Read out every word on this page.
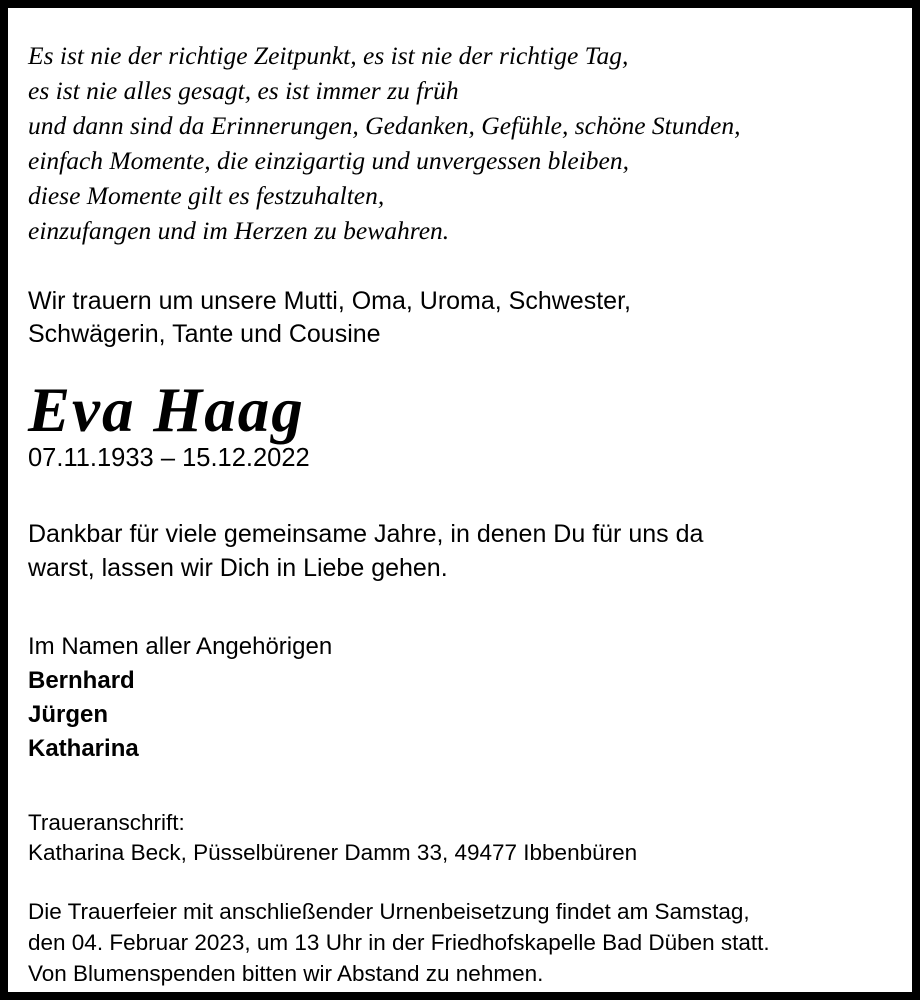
Es ist nie der richtige Zeitpunkt, es ist nie der richtige Tag,
es ist nie alles gesagt, es ist immer zu früh
und dann sind da Erinnerungen, Gedanken, Gefühle, schöne Stunden,
einfach Momente, die einzigartig und unvergessen bleiben,
diese Momente gilt es festzuhalten,
einzufangen und im Herzen zu bewahren.
Wir trauern um unsere Mutti, Oma, Uroma, Schwester,
Schwägerin, Tante und Cousine
Eva Haag
07.11.1933 – 15.12.2022
Dankbar für viele gemeinsame Jahre, in denen Du für uns da
warst, lassen wir Dich in Liebe gehen.
Im Namen aller Angehörigen
Bernhard
Jürgen
Katharina
Traueranschrift:
Katharina Beck, Püsselbürener Damm 33, 49477 Ibbenbüren
Die Trauerfeier mit anschließender Urnenbeisetzung findet am Samstag,
den 04. Februar 2023, um 13 Uhr in der Friedhofskapelle Bad Düben statt.
Von Blumenspenden bitten wir Abstand zu nehmen.
